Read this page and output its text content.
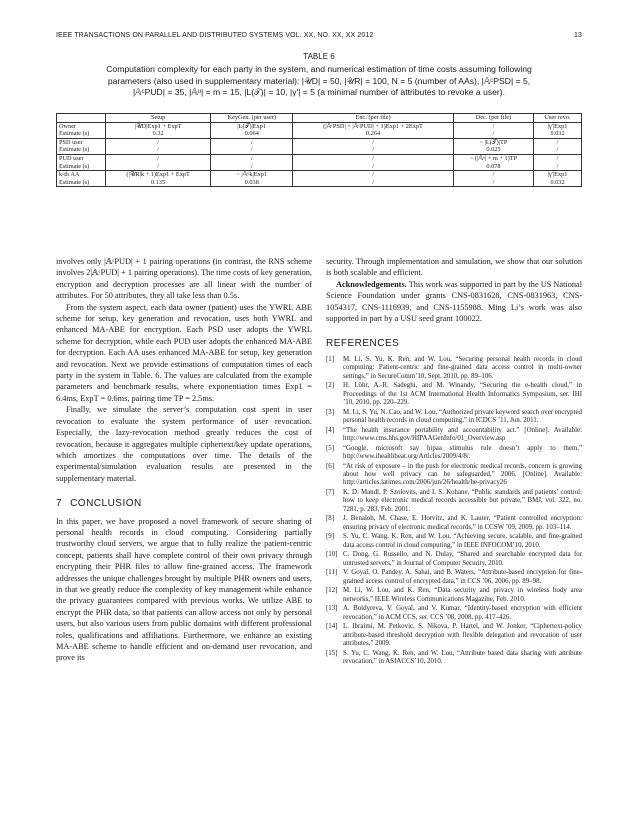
IEEE TRANSACTIONS ON PARALLEL AND DISTRIBUTED SYSTEMS VOL. XX, NO. XX, XX 2012	13
TABLE 6
Computation complexity for each party in the system, and numerical estimation of time costs assuming following
parameters (also used in supplementary material): |𝒰D| = 50, |𝒰R| = 100, N = 5 (number of AAs), |𝔸ᶜPSD| = 5,
|𝔸ᶜPUD| = 35, |𝔸ᵘ| = m = 15, |L(𝒯)| = 10, |γ'| = 5 (a minimal number of attributes to revoke a user).
	Setup	KeyGen. (per user)	Enc. (per file)	Dec. (per file)	User revo.
Owner	|𝒰D|Exp1 + ExpT	|L(𝒯)|Exp1	(|𝔸ᶜPSD| + |𝔸ᶜPUD| + 1)Exp1 + 2ExpT	/	|γ'|Exp1
Estimate (s)	0.32	0.064	0.264	/	0.032
PSD user	/	/	/	~ |L(𝒯)|TP	/
Estimate (s)	/	/	/	0.025	/
PUD user	/	/	/	~ (|𝔸ᵘ| + m + 1)TP	/
Estimate (s)	/	/	/	0.078	/
k-th AA	(|𝒰R|k + 1)Exp1 + ExpT	~ |𝔸ᵘk|Exp1	/	/	|γ'|Exp1
Estimate (s)	0.135	0.038	/	/	0.032

involves only |𝔸ᶜPUD| + 1 pairing operations (in contrast, the RNS scheme involves 2|𝔸ᶜPUD| + 1 pairing operations). The time costs of key generation, encryption and decryption processes are all linear with the number of attributes. For 50 attributes, they all take less than 0.5s.

From the system aspect, each data owner (patient) uses the YWRL ABE scheme for setup, key generation and revocation, uses both YWRL and enhanced MA-ABE for encryption. Each PSD user adopts the YWRL scheme for decryption, while each PUD user adopts the enhanced MA-ABE for decryption. Each AA uses enhanced MA-ABE for setup, key generation and revocation. Next we provide estimations of computation times of each party in the system in Table. 6. The values are calculated from the example parameters and benchmark results, where exponentiation times Exp1 = 6.4ms, ExpT = 0.6ms, pairing time TP = 2.5ms.

Finally, we simulate the server’s computation cost spent in user revocation to evaluate the system performance of user revocation. Especially, the lazy-revocation method greatly reduces the cost of revocation, because it aggregates multiple ciphertext/key update operations, which amortizes the computations over time. The details of the experimental/simulation evaluation results are presented in the supplementary material.

7 CONCLUSION

In this paper, we have proposed a novel framework of secure sharing of personal health records in cloud computing. Considering partially trustworthy cloud servers, we argue that to fully realize the patient-centric concept, patients shall have complete control of their own privacy through encrypting their PHR files to allow fine-grained access. The framework addresses the unique challenges brought by multiple PHR owners and users, in that we greatly reduce the complexity of key management while enhance the privacy guarantees compared with previous works. We utilize ABE to encrypt the PHR data, so that patients can allow access not only by personal users, but also various users from public domains with different professional roles, qualifications and affiliations. Furthermore, we enhance an existing MA-ABE scheme to handle efficient and on-demand user revocation, and prove its

security. Through implementation and simulation, we show that our solution is both scalable and efficient.

Acknowledgements. This work was supported in part by the US National Science Foundation under grants CNS-0831628, CNS-0831963, CNS-1054317, CNS-1116939, and CNS-1155988. Ming Li’s work was also supported in part by a USU seed grant 100022.

REFERENCES
[1]	M. Li, S. Yu, K. Ren, and W. Lou, “Securing personal health records in cloud computing: Patient-centric and fine-grained data access control in multi-owner settings,” in SecureComm’10, Sept. 2010, pp. 89–106.
[2]	H. Löhr, A.-R. Sadeghi, and M. Winandy, “Securing the e-health cloud,” in Proceedings of the 1st ACM International Health Informatics Symposium, ser. IHI ’10, 2010, pp. 220–229.
[3]	M. Li, S. Yu, N. Cao, and W. Lou, “Authorized private keyword search over encrypted personal health records in cloud computing,” in ICDCS ’11, Jun. 2011.
[4]	“The health insurance portability and accountability act.” [Online]. Available: http://www.cms.hhs.gov/HIPAAGenInfo/01_Overview.asp
[5]	“Google, microsoft say hipaa stimulus rule doesn’t apply to them,” http://www.ihealthbeat.org/Articles/2009/4/8/.
[6]	“At risk of exposure – in the push for electronic medical records, concern is growing about how well privacy can be safeguarded,” 2006. [Online]. Available: http://articles.latimes.com/2006/jun/26/health/he-privacy26
[7]	K. D. Mandl, P. Szolovits, and I. S. Kohane, “Public standards and patients’ control: how to keep electronic medical records accessible but private,” BMJ, vol. 322, no. 7281, p. 283, Feb. 2001.
[8]	J. Benaloh, M. Chase, E. Horvitz, and K. Lauter, “Patient controlled encryption: ensuring privacy of electronic medical records,” in CCSW ’09, 2009, pp. 103–114.
[9]	S. Yu, C. Wang, K. Ren, and W. Lou, “Achieving secure, scalable, and fine-grained data access control in cloud computing,” in IEEE INFOCOM’10, 2010.
[10] C. Dong, G. Russello, and N. Dulay, “Shared and searchable encrypted data for untrusted servers,” in Journal of Computer Security, 2010.
[11] V. Goyal, O. Pandey, A. Sahai, and B. Waters, “Attribute-based encryption for fine-grained access control of encrypted data,” in CCS ’06, 2006, pp. 89–98.
[12] M. Li, W. Lou, and K. Ren, “Data security and privacy in wireless body area networks,” IEEE Wireless Communications Magazine, Feb. 2010.
[13] A. Boldyreva, V. Goyal, and V. Kumar, “Identity-based encryption with efficient revocation,” in ACM CCS, ser. CCS ’08, 2008, pp. 417–426.
[14] L. Ibraimi, M. Petkovic, S. Nikova, P. Hartel, and W. Jonker, “Ciphertext-policy attribute-based threshold decryption with flexible delegation and revocation of user attributes,” 2009.
[15] S. Yu, C. Wang, K. Ren, and W. Lou, “Attribute based data sharing with attribute revocation,” in ASIACCS’10, 2010.
